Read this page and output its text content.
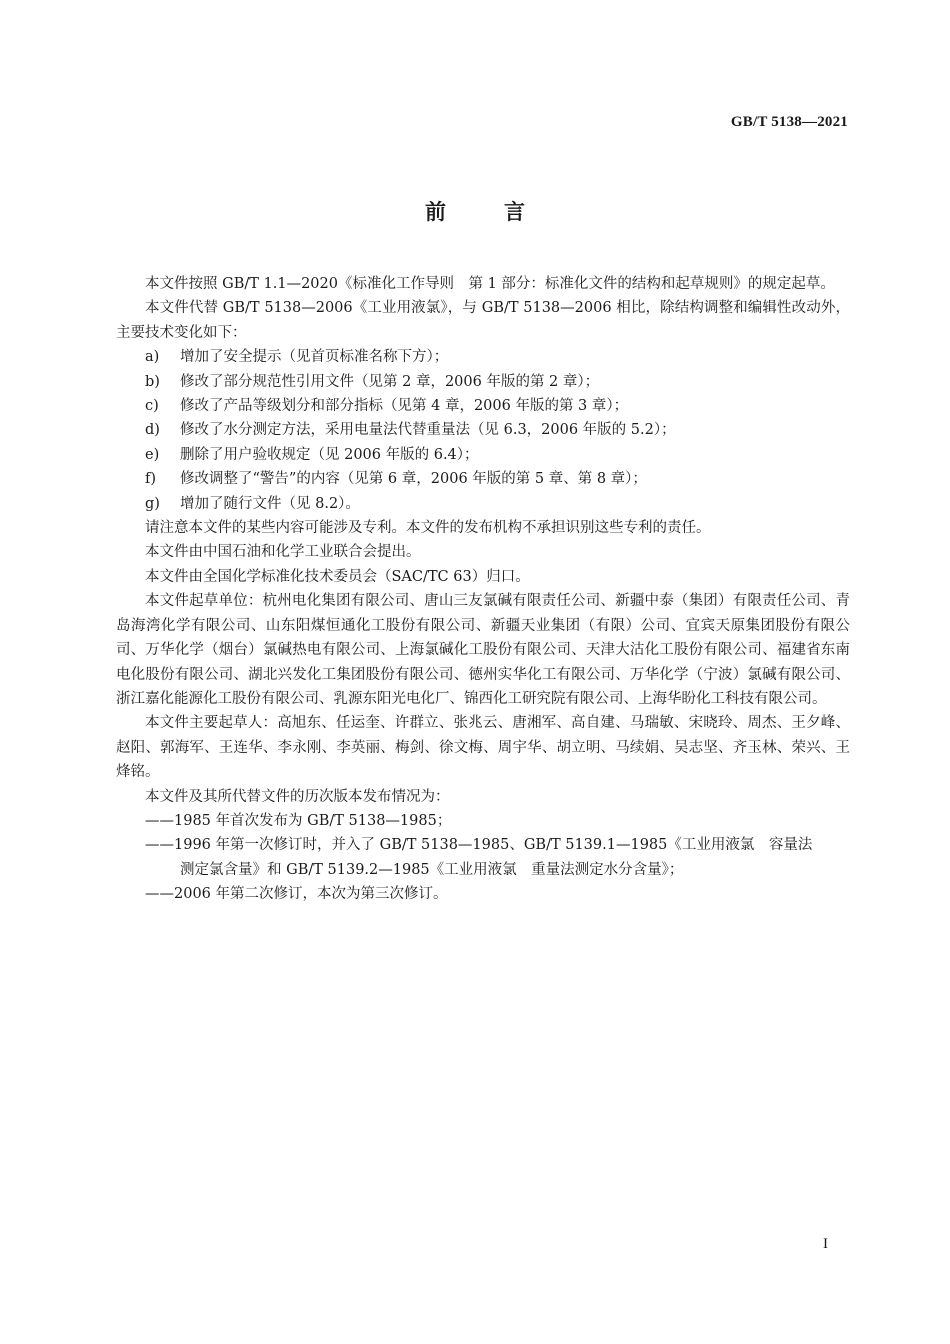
GB/T 5138—2021
前言

本文件按照 GB/T 1.1—2020《标准化工作导则　第 1 部分：标准化文件的结构和起草规则》的规定起草。

本文件代替 GB/T 5138—2006《工业用液氯》，与 GB/T 5138—2006 相比，除结构调整和编辑性改动外，主要技术变化如下：

a) 增加了安全提示（见首页标准名称下方）；

b) 修改了部分规范性引用文件（见第 2 章，2006 年版的第 2 章）；

c) 修改了产品等级划分和部分指标（见第 4 章，2006 年版的第 3 章）；

d) 修改了水分测定方法，采用电量法代替重量法（见 6.3，2006 年版的 5.2）；

e) 删除了用户验收规定（见 2006 年版的 6.4）；

f) 修改调整了“警告”的内容（见第 6 章，2006 年版的第 5 章、第 8 章）；

g) 增加了随行文件（见 8.2）。

请注意本文件的某些内容可能涉及专利。本文件的发布机构不承担识别这些专利的责任。

本文件由中国石油和化学工业联合会提出。

本文件由全国化学标准化技术委员会（SAC/TC 63）归口。

本文件起草单位：杭州电化集团有限公司、唐山三友氯碱有限责任公司、新疆中泰（集团）有限责任公司、青岛海湾化学有限公司、山东阳煤恒通化工股份有限公司、新疆天业集团（有限）公司、宜宾天原集团股份有限公司、万华化学（烟台）氯碱热电有限公司、上海氯碱化工股份有限公司、天津大沽化工股份有限公司、福建省东南电化股份有限公司、湖北兴发化工集团股份有限公司、德州实华化工有限公司、万华化学（宁波）氯碱有限公司、浙江嘉化能源化工股份有限公司、乳源东阳光电化厂、锦西化工研究院有限公司、上海华盼化工科技有限公司。

本文件主要起草人：高旭东、任运奎、许群立、张兆云、唐湘军、高自建、马瑞敏、宋晓玲、周杰、王夕峰、赵阳、郭海军、王连华、李永刚、李英丽、梅剑、徐文梅、周宇华、胡立明、马续娟、吴志坚、齐玉林、荣兴、王烽铭。

本文件及其所代替文件的历次版本发布情况为：

——1985 年首次发布为 GB/T 5138—1985；

——1996 年第一次修订时，并入了 GB/T 5138—1985、GB/T 5139.1—1985《工业用液氯　容量法

测定氯含量》和 GB/T 5139.2—1985《工业用液氯　重量法测定水分含量》；

——2006 年第二次修订，本次为第三次修订。

I
